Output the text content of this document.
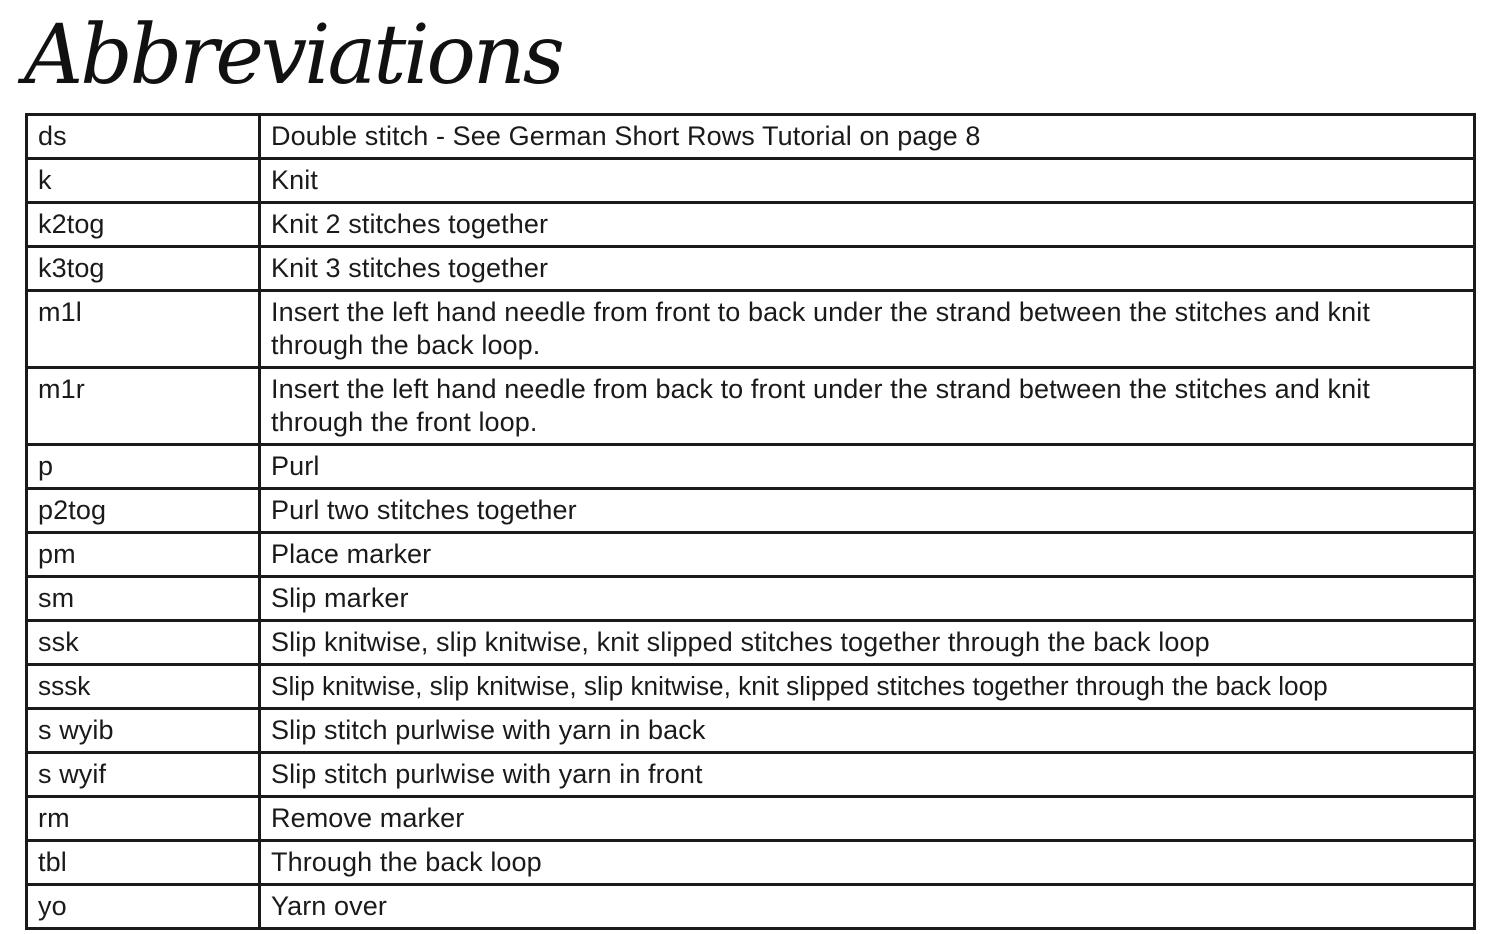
Abbreviations
ds	Double stitch - See German Short Rows Tutorial on page 8
k	Knit
k2tog	Knit 2 stitches together
k3tog	Knit 3 stitches together
m1l	Insert the left hand needle from front to back under the strand between the stitches and knit through the back loop.
m1r	Insert the left hand needle from back to front under the strand between the stitches and knit through the front loop.
p	Purl
p2tog	Purl two stitches together
pm	Place marker
sm	Slip marker
ssk	Slip knitwise, slip knitwise, knit slipped stitches together through the back loop
sssk	Slip knitwise, slip knitwise, slip knitwise, knit slipped stitches together through the back loop
s wyib	Slip stitch purlwise with yarn in back
s wyif	Slip stitch purlwise with yarn in front
rm	Remove marker
tbl	Through the back loop
yo	Yarn over
